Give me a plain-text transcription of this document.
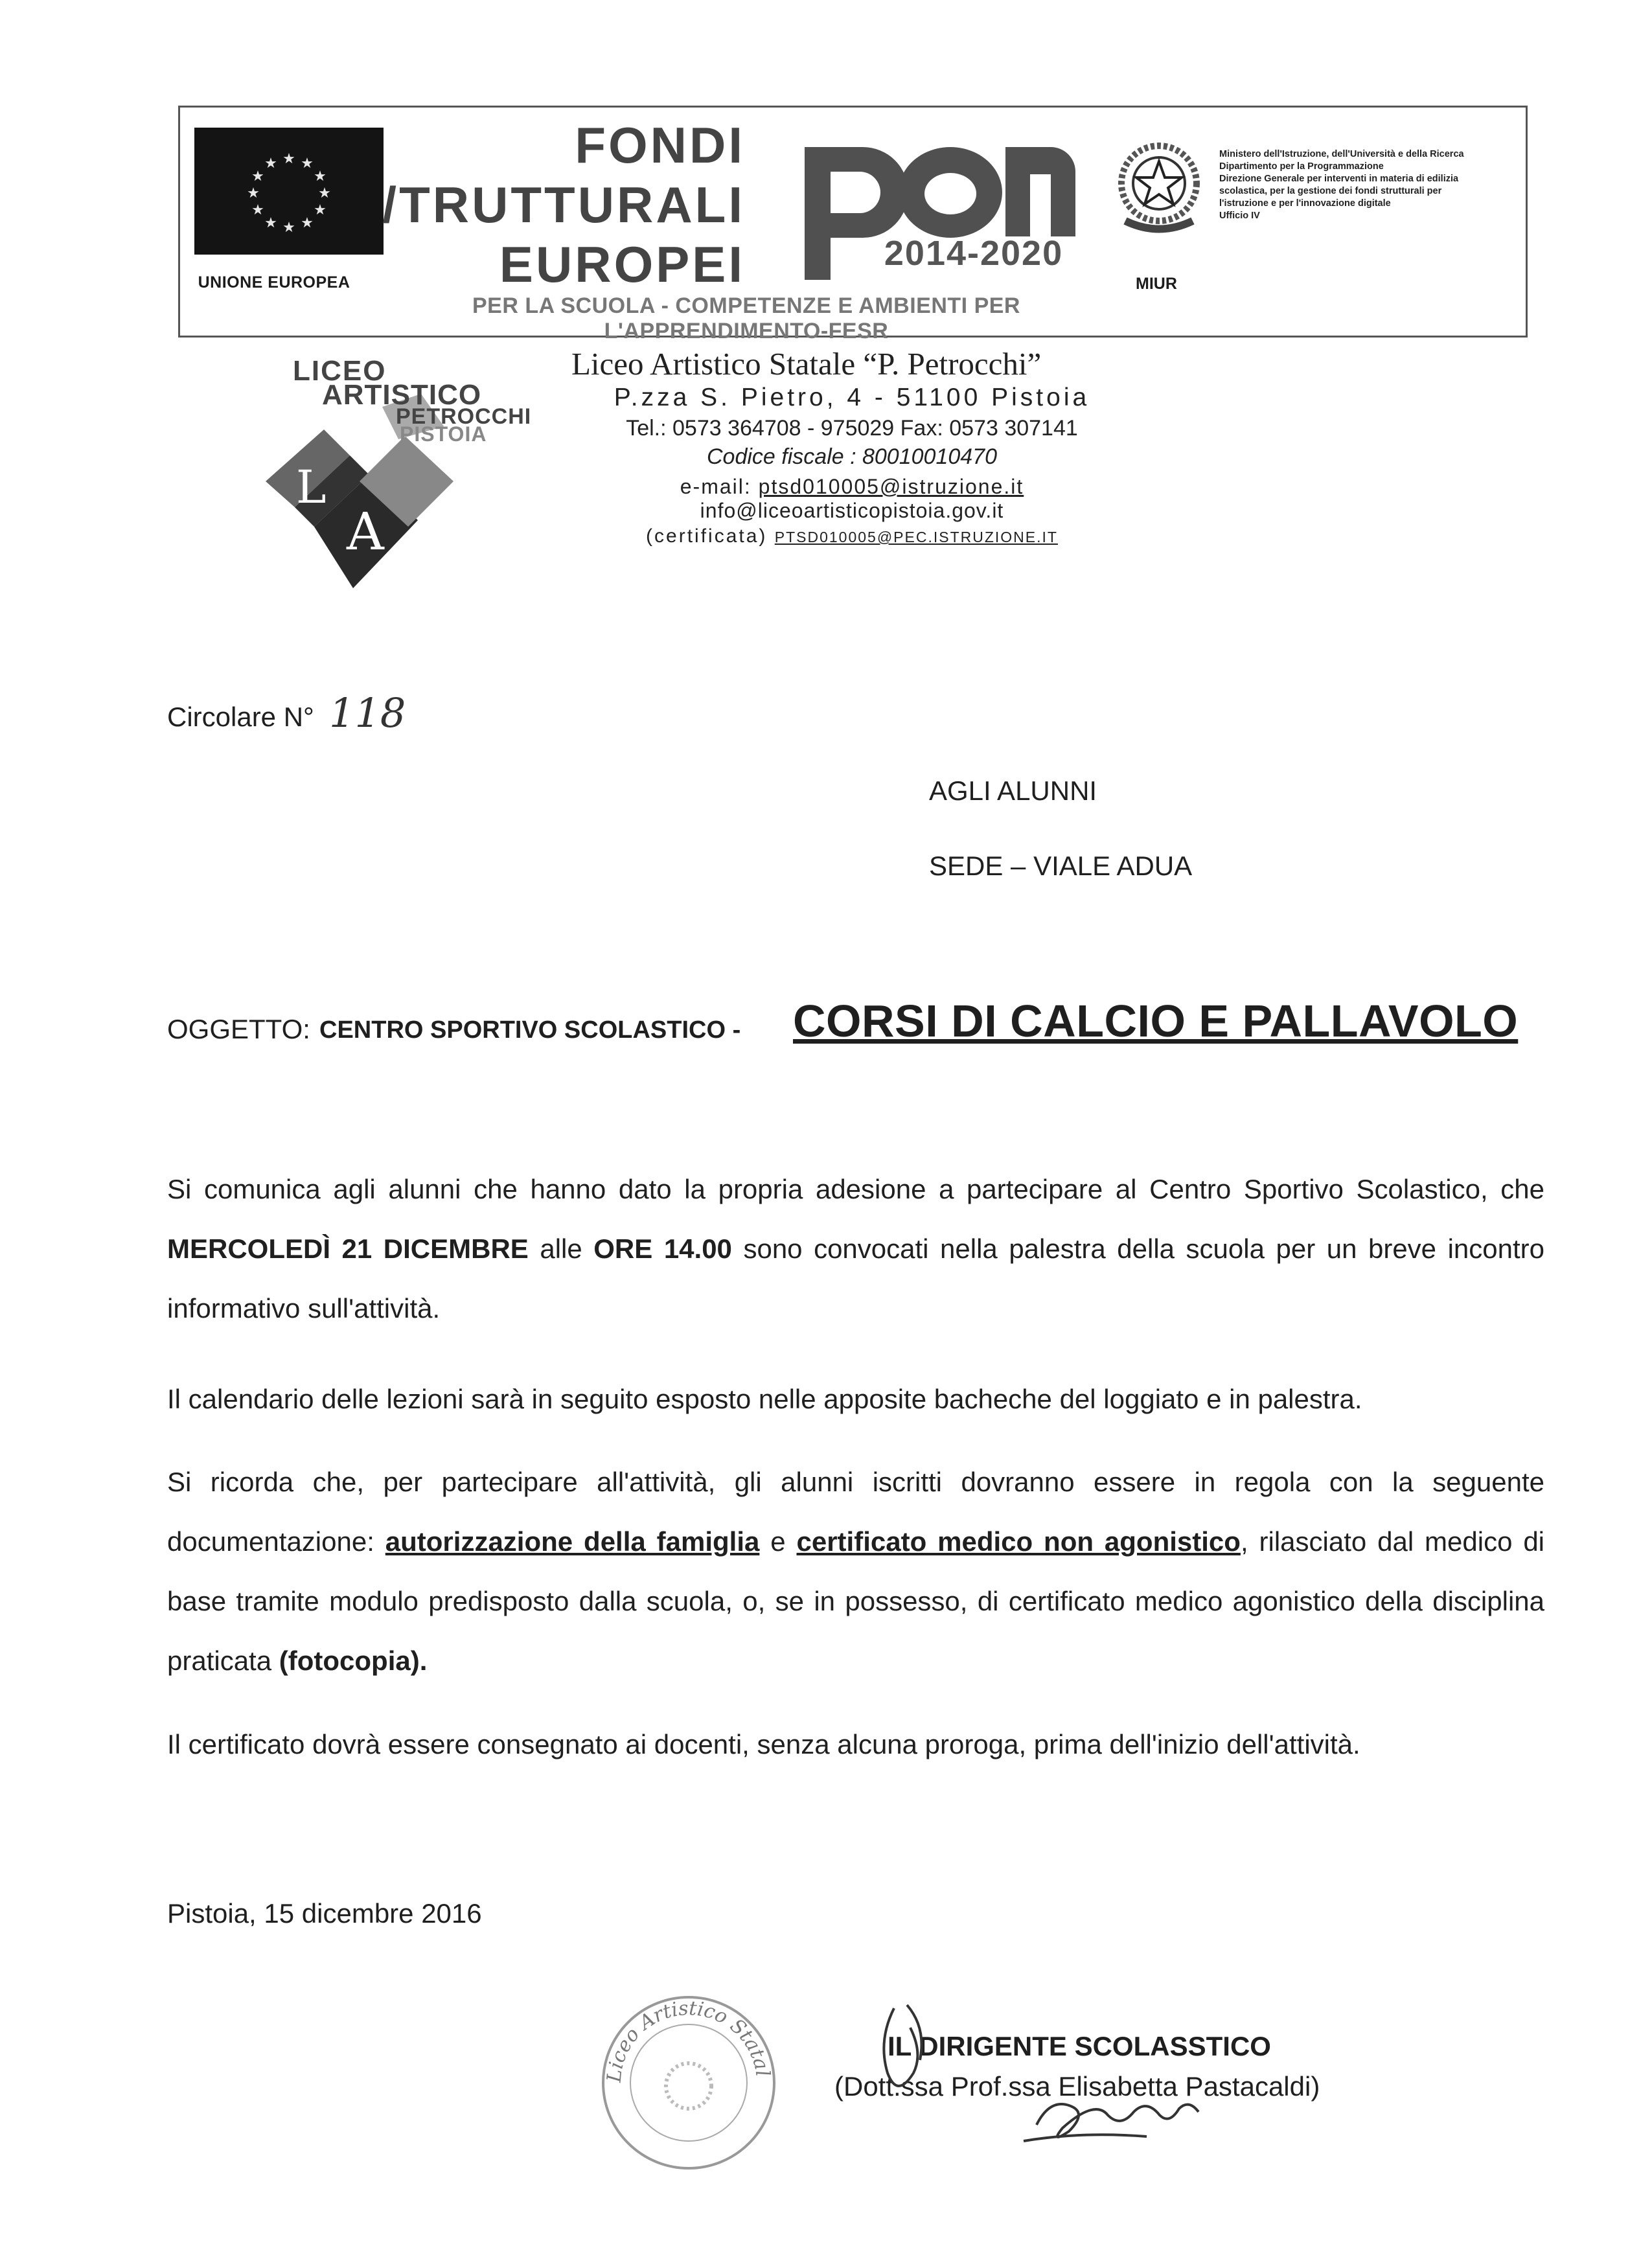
★ ★
★
★
★
★
★
★
★
★
★
★
UNIONE EUROPEA
FONDI
/TRUTTURALI
EUROPEI	2014-2020
PER LA SCUOLA - COMPETENZE E AMBIENTI PER L'APPRENDIMENTO-FESR
MIUR
Ministero dell'Istruzione, dell'Università e della Ricerca
Dipartimento per la Programmazione
Direzione Generale per interventi in materia di edilizia
scolastica, per la gestione dei fondi strutturali per
l'istruzione e per l'innovazione digitale
Ufficio IV
L
A
LICEO
ARTISTICO
PETROCCHI
PISTOIA
Liceo Artistico Statale “P. Petrocchi”
P.zza S. Pietro, 4 - 51100 Pistoia
Tel.: 0573 364708 - 975029 Fax: 0573 307141
Codice fiscale : 80010010470
e-mail: ptsd010005@istruzione.it
info@liceoartisticopistoia.gov.it
(certificata) PTSD010005@PEC.ISTRUZIONE.IT
Circolare N° 118
AGLI ALUNNI
SEDE – VIALE ADUA
OGGETTO: CENTRO SPORTIVO SCOLASTICO - CORSI DI CALCIO E PALLAVOLO
Si comunica agli alunni che hanno dato la propria adesione a partecipare al Centro Sportivo Scolastico, che MERCOLEDÌ 21 DICEMBRE alle ORE 14.00 sono convocati nella palestra della scuola per un breve incontro informativo sull'attività.
Il calendario delle lezioni sarà in seguito esposto nelle apposite bacheche del loggiato e in palestra.
Si ricorda che, per partecipare all'attività, gli alunni iscritti dovranno essere in regola con la seguente documentazione: autorizzazione della famiglia e certificato medico non agonistico, rilasciato dal medico di base tramite modulo predisposto dalla scuola, o, se in possesso, di certificato medico agonistico della disciplina praticata (fotocopia).
Il certificato dovrà essere consegnato ai docenti, senza alcuna proroga, prima dell'inizio dell'attività.
Pistoia, 15 dicembre 2016
Liceo Artistico Statal
IL DIRIGENTE SCOLASSTICO
(Dott.ssa Prof.ssa Elisabetta Pastacaldi)
